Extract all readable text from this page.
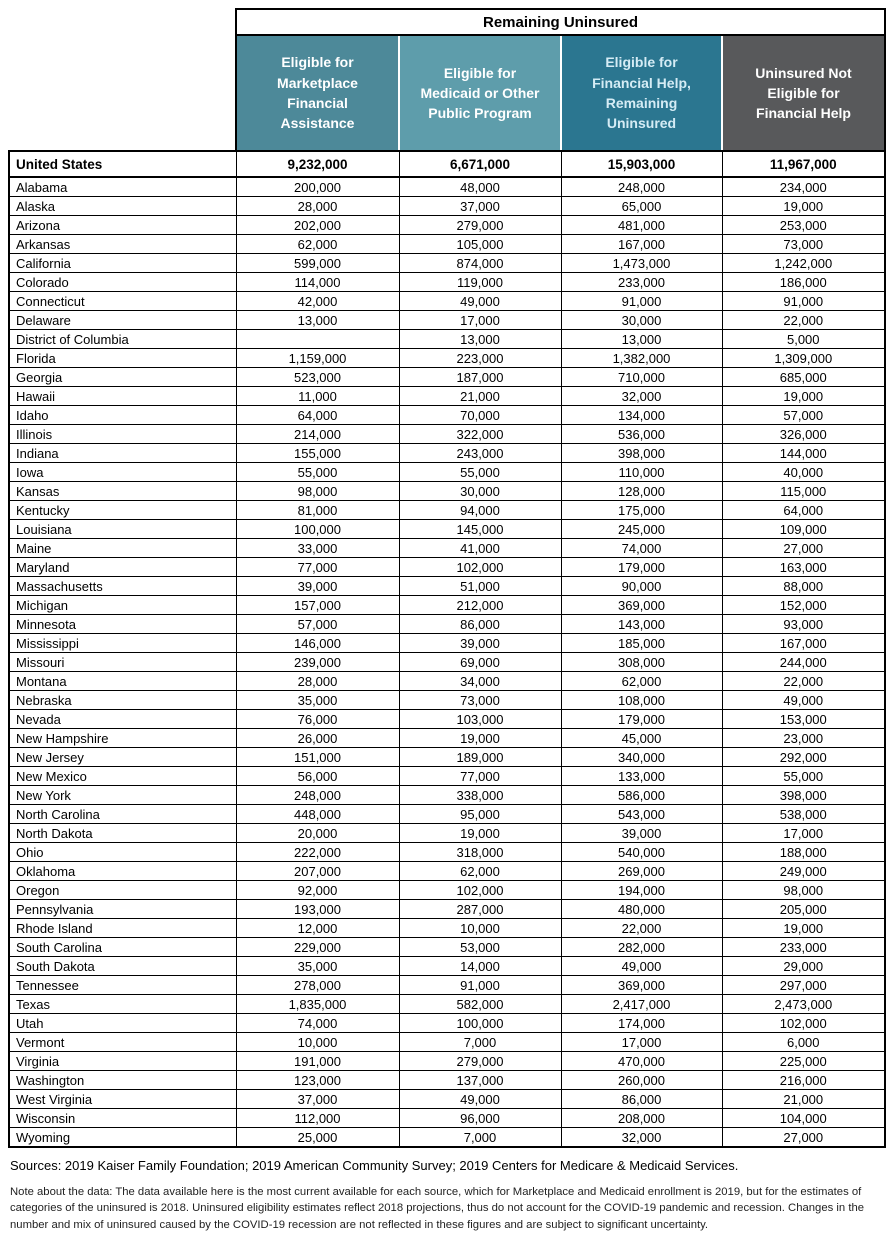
	Remaining Uninsured			
	Eligible for Marketplace Financial Assistance	Eligible for Medicaid or Other Public Program	Eligible for Financial Help, Remaining Uninsured	Uninsured Not Eligible for Financial Help
United States	9,232,000	6,671,000	15,903,000	11,967,000
Alabama	200,000	48,000	248,000	234,000
Alaska	28,000	37,000	65,000	19,000
Arizona	202,000	279,000	481,000	253,000
Arkansas	62,000	105,000	167,000	73,000
California	599,000	874,000	1,473,000	1,242,000
Colorado	114,000	119,000	233,000	186,000
Connecticut	42,000	49,000	91,000	91,000
Delaware	13,000	17,000	30,000	22,000
District of Columbia		13,000	13,000	5,000
Florida	1,159,000	223,000	1,382,000	1,309,000
Georgia	523,000	187,000	710,000	685,000
Hawaii	11,000	21,000	32,000	19,000
Idaho	64,000	70,000	134,000	57,000
Illinois	214,000	322,000	536,000	326,000
Indiana	155,000	243,000	398,000	144,000
Iowa	55,000	55,000	110,000	40,000
Kansas	98,000	30,000	128,000	115,000
Kentucky	81,000	94,000	175,000	64,000
Louisiana	100,000	145,000	245,000	109,000
Maine	33,000	41,000	74,000	27,000
Maryland	77,000	102,000	179,000	163,000
Massachusetts	39,000	51,000	90,000	88,000
Michigan	157,000	212,000	369,000	152,000
Minnesota	57,000	86,000	143,000	93,000
Mississippi	146,000	39,000	185,000	167,000
Missouri	239,000	69,000	308,000	244,000
Montana	28,000	34,000	62,000	22,000
Nebraska	35,000	73,000	108,000	49,000
Nevada	76,000	103,000	179,000	153,000
New Hampshire	26,000	19,000	45,000	23,000
New Jersey	151,000	189,000	340,000	292,000
New Mexico	56,000	77,000	133,000	55,000
New York	248,000	338,000	586,000	398,000
North Carolina	448,000	95,000	543,000	538,000
North Dakota	20,000	19,000	39,000	17,000
Ohio	222,000	318,000	540,000	188,000
Oklahoma	207,000	62,000	269,000	249,000
Oregon	92,000	102,000	194,000	98,000
Pennsylvania	193,000	287,000	480,000	205,000
Rhode Island	12,000	10,000	22,000	19,000
South Carolina	229,000	53,000	282,000	233,000
South Dakota	35,000	14,000	49,000	29,000
Tennessee	278,000	91,000	369,000	297,000
Texas	1,835,000	582,000	2,417,000	2,473,000
Utah	74,000	100,000	174,000	102,000
Vermont	10,000	7,000	17,000	6,000
Virginia	191,000	279,000	470,000	225,000
Washington	123,000	137,000	260,000	216,000
West Virginia	37,000	49,000	86,000	21,000
Wisconsin	112,000	96,000	208,000	104,000
Wyoming	25,000	7,000	32,000	27,000
Sources: 2019 Kaiser Family Foundation; 2019 American Community Survey; 2019 Centers for Medicare & Medicaid Services.
Note about the data: The data available here is the most current available for each source, which for Marketplace and Medicaid enrollment is 2019, but for the estimates of categories of the uninsured is 2018. Uninsured eligibility estimates reflect 2018 projections, thus do not account for the COVID-19 pandemic and recession. Changes in the number and mix of uninsured caused by the COVID-19 recession are not reflected in these figures and are subject to significant uncertainty.
